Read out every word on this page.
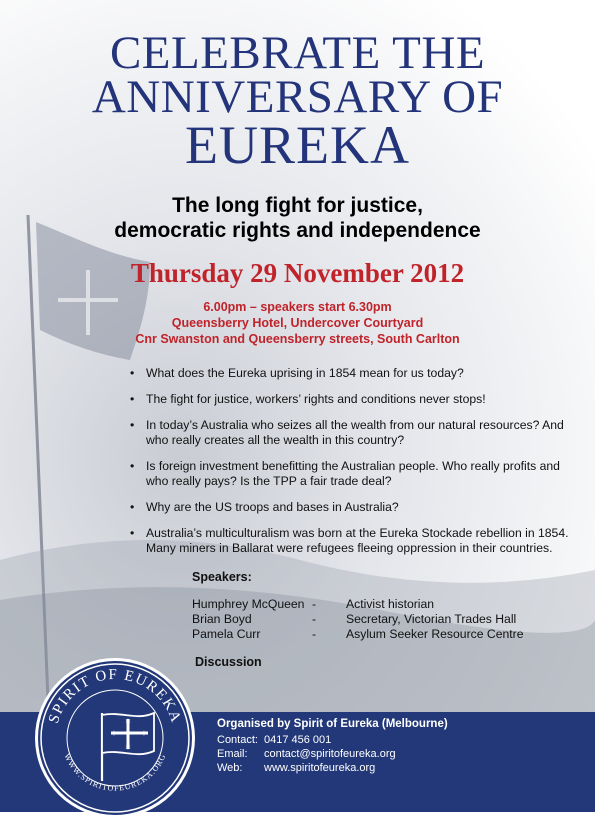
CELEBRATE THE
ANNIVERSARY OF
EUREKA
The long fight for justice,
democratic rights and independence
Thursday 29 November 2012
6.00pm – speakers start 6.30pm
Queensberry Hotel, Undercover Courtyard
Cnr Swanston and Queensberry streets, South Carlton
• What does the Eureka uprising in 1854 mean for us today?
• The fight for justice, workers’ rights and conditions never stops!
• In today’s Australia who seizes all the wealth from our natural resources? And who really creates all the wealth in this country?
• Is foreign investment benefitting the Australian people. Who really profits and who really pays? Is the TPP a fair trade deal?
• Why are the US troops and bases in Australia?
• Australia’s multiculturalism was born at the Eureka Stockade rebellion in 1854. Many miners in Ballarat were refugees fleeing oppression in their countries.
Speakers:
Humphrey McQueen - Activist historian
Brian Boyd	- Secretary, Victorian Trades Hall
Pamela Curr	- Asylum Seeker Resource Centre
Discussion
Organised by Spirit of Eureka (Melbourne)
Contact: 0417 456 001
Email: contact@spiritofeureka.org
Web: www.spiritofeureka.org
✶
✶
✶	✶
✶
SPIRIT OF EUREKA
WWW.SPIRITOFEUREKA.ORG
